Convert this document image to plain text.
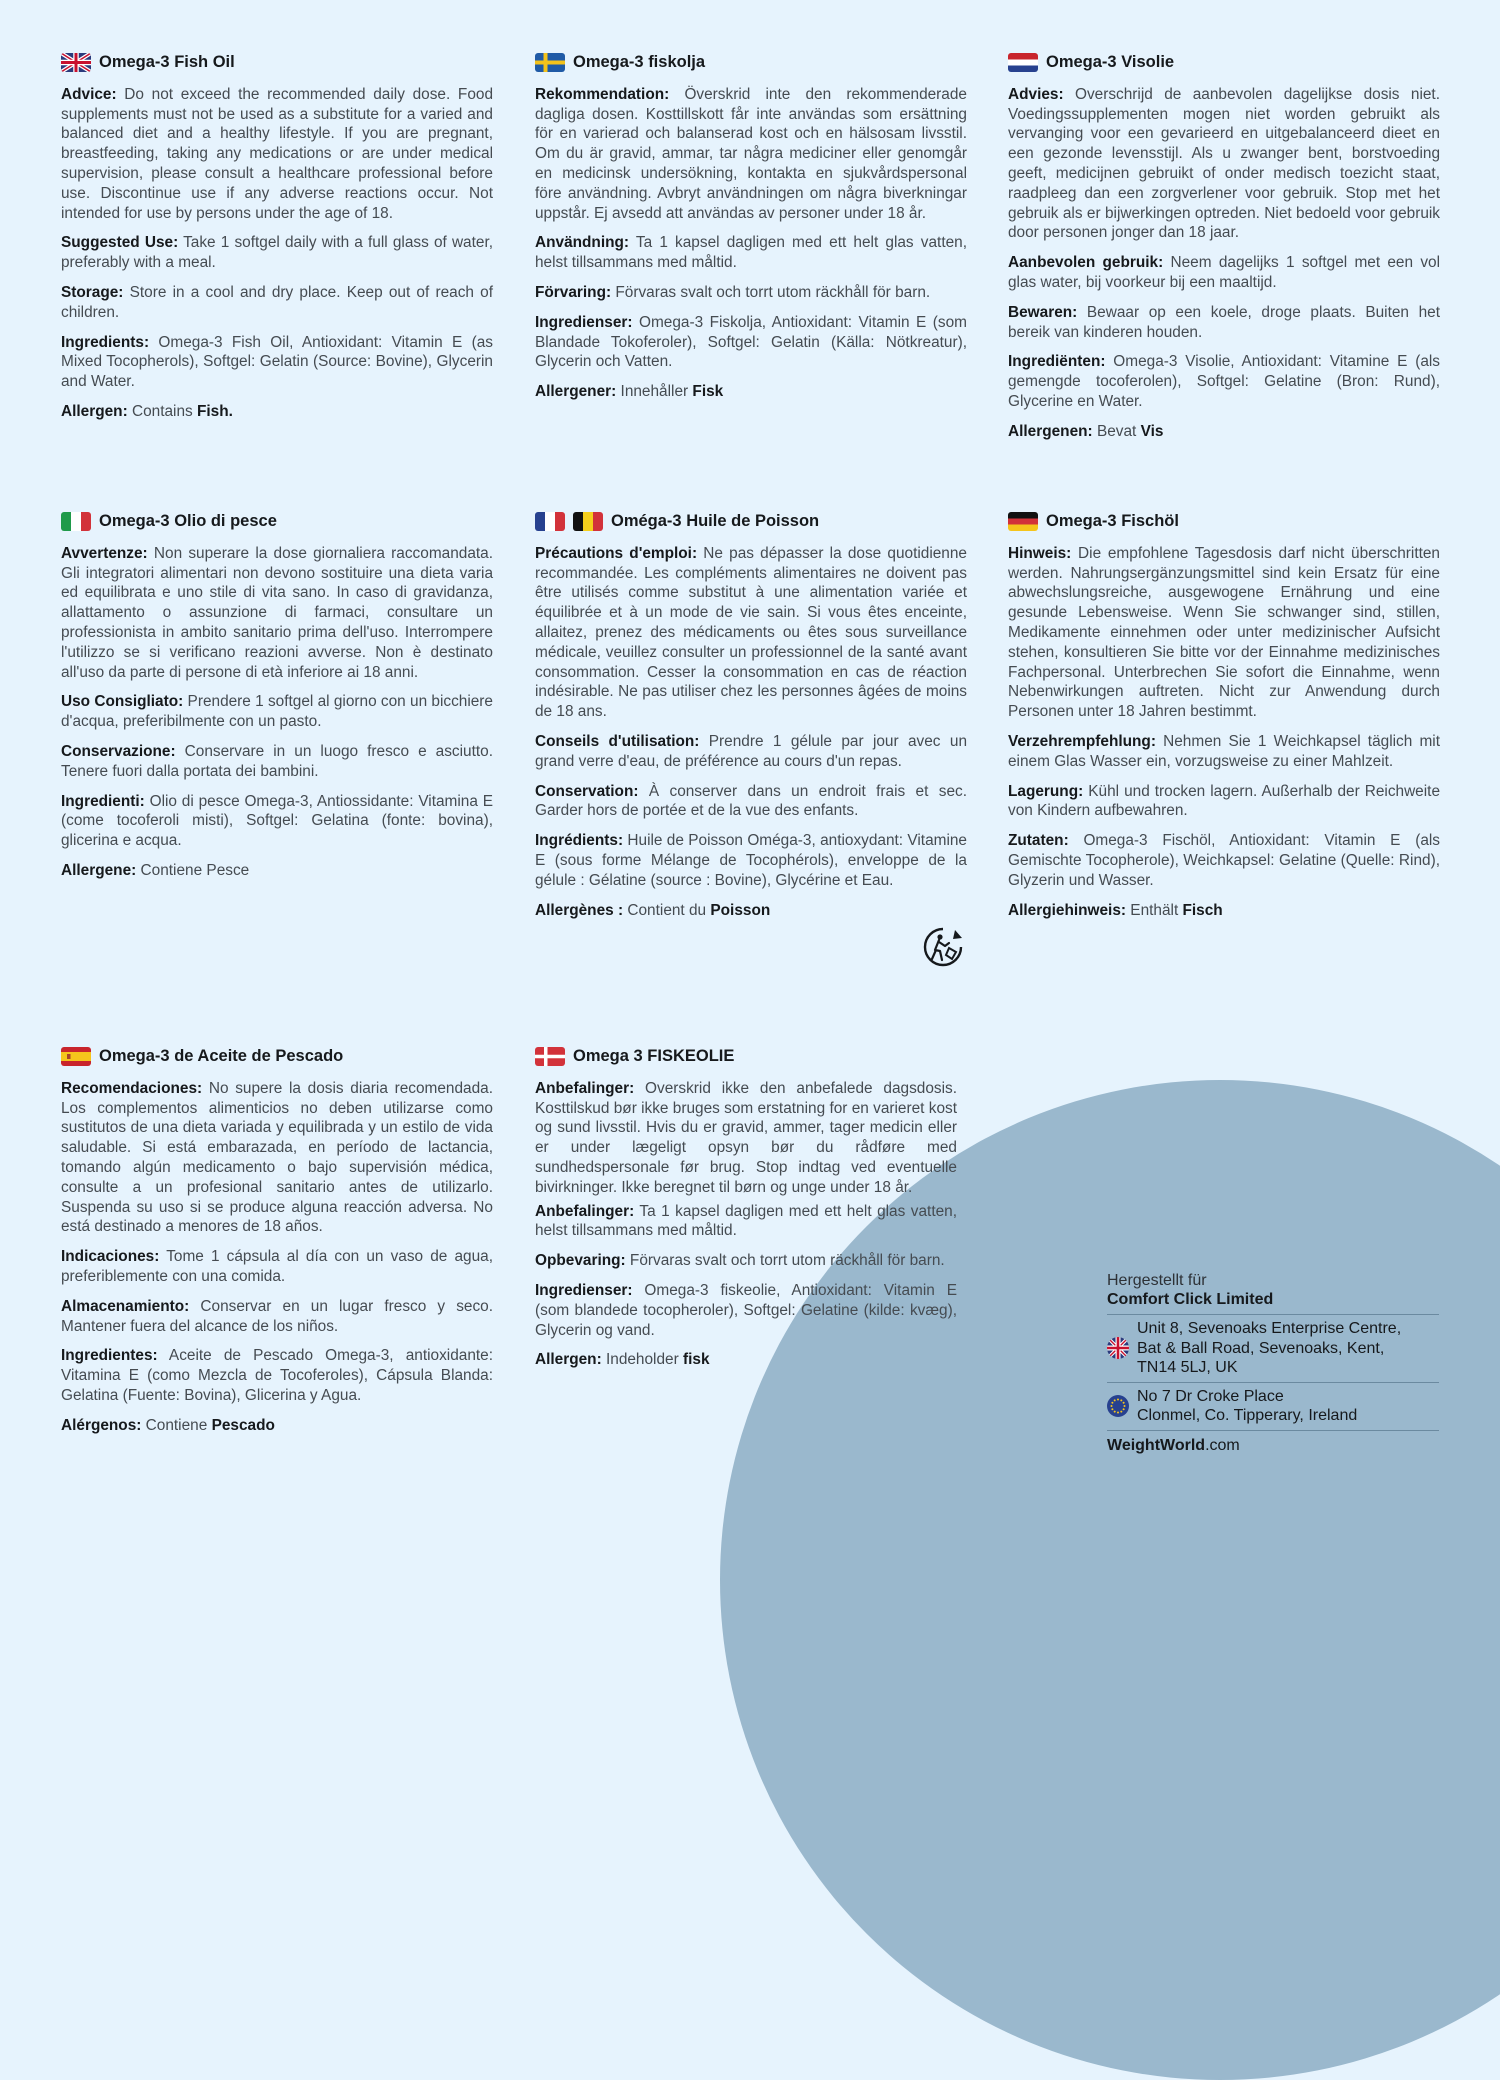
Omega-3 Fish Oil

Advice: Do not exceed the recommended daily dose. Food supplements must not be used as a substitute for a varied and balanced diet and a healthy lifestyle. If you are pregnant, breastfeeding, taking any medications or are under medical supervision, please consult a healthcare professional before use. Discontinue use if any adverse reactions occur. Not intended for use by persons under the age of 18.

Suggested Use: Take 1 softgel daily with a full glass of water, preferably with a meal.

Storage: Store in a cool and dry place. Keep out of reach of children.

Ingredients: Omega-3 Fish Oil, Antioxidant: Vitamin E (as Mixed Tocopherols), Softgel: Gelatin (Source: Bovine), Glycerin and Water.

Allergen: Contains Fish.

Omega-3 fiskolja

Rekommendation: Överskrid inte den rekommenderade dagliga dosen. Kosttillskott får inte användas som ersättning för en varierad och balanserad kost och en hälsosam livsstil. Om du är gravid, ammar, tar några mediciner eller genomgår en medicinsk undersökning, kontakta en sjukvårdspersonal före användning. Avbryt användningen om några biverkningar uppstår. Ej avsedd att användas av personer under 18 år.

Användning: Ta 1 kapsel dagligen med ett helt glas vatten, helst tillsammans med måltid.

Förvaring: Förvaras svalt och torrt utom räckhåll för barn.

Ingredienser: Omega-3 Fiskolja, Antioxidant: Vitamin E (som Blandade Tokoferoler), Softgel: Gelatin (Källa: Nötkreatur), Glycerin och Vatten.

Allergener: Innehåller Fisk

Omega-3 Visolie

Advies: Overschrijd de aanbevolen dagelijkse dosis niet. Voedingssupplementen mogen niet worden gebruikt als vervanging voor een gevarieerd en uitgebalanceerd dieet en een gezonde levensstijl. Als u zwanger bent, borstvoeding geeft, medicijnen gebruikt of onder medisch toezicht staat, raadpleeg dan een zorgverlener voor gebruik. Stop met het gebruik als er bijwerkingen optreden. Niet bedoeld voor gebruik door personen jonger dan 18 jaar.

Aanbevolen gebruik: Neem dagelijks 1 softgel met een vol glas water, bij voorkeur bij een maaltijd.

Bewaren: Bewaar op een koele, droge plaats. Buiten het bereik van kinderen houden.

Ingrediënten: Omega-3 Visolie, Antioxidant: Vitamine E (als gemengde tocoferolen), Softgel: Gelatine (Bron: Rund), Glycerine en Water.

Allergenen: Bevat Vis

Omega-3 Olio di pesce

Avvertenze: Non superare la dose giornaliera raccomandata. Gli integratori alimentari non devono sostituire una dieta varia ed equilibrata e uno stile di vita sano. In caso di gravidanza, allattamento o assunzione di farmaci, consultare un professionista in ambito sanitario prima dell'uso. Interrompere l'utilizzo se si verificano reazioni avverse. Non è destinato all'uso da parte di persone di età inferiore ai 18 anni.

Uso Consigliato: Prendere 1 softgel al giorno con un bicchiere d'acqua, preferibilmente con un pasto.

Conservazione: Conservare in un luogo fresco e asciutto. Tenere fuori dalla portata dei bambini.

Ingredienti: Olio di pesce Omega-3, Antiossidante: Vitamina E (come tocoferoli misti), Softgel: Gelatina (fonte: bovina), glicerina e acqua.

Allergene: Contiene Pesce

Oméga-3 Huile de Poisson

Précautions d'emploi: Ne pas dépasser la dose quotidienne recommandée. Les compléments alimentaires ne doivent pas être utilisés comme substitut à une alimentation variée et équilibrée et à un mode de vie sain. Si vous êtes enceinte, allaitez, prenez des médicaments ou êtes sous surveillance médicale, veuillez consulter un professionnel de la santé avant consommation. Cesser la consommation en cas de réaction indésirable. Ne pas utiliser chez les personnes âgées de moins de 18 ans.

Conseils d'utilisation: Prendre 1 gélule par jour avec un grand verre d'eau, de préférence au cours d'un repas.

Conservation: À conserver dans un endroit frais et sec. Garder hors de portée et de la vue des enfants.

Ingrédients: Huile de Poisson Oméga-3, antioxydant: Vitamine E (sous forme Mélange de Tocophérols), enveloppe de la gélule : Gélatine (source : Bovine), Glycérine et Eau.

Allergènes : Contient du Poisson

Omega-3 Fischöl

Hinweis: Die empfohlene Tagesdosis darf nicht überschritten werden. Nahrungsergänzungsmittel sind kein Ersatz für eine abwechslungsreiche, ausgewogene Ernährung und eine gesunde Lebensweise. Wenn Sie schwanger sind, stillen, Medikamente einnehmen oder unter medizinischer Aufsicht stehen, konsultieren Sie bitte vor der Einnahme medizinisches Fachpersonal. Unterbrechen Sie sofort die Einnahme, wenn Nebenwirkungen auftreten. Nicht zur Anwendung durch Personen unter 18 Jahren bestimmt.

Verzehrempfehlung: Nehmen Sie 1 Weichkapsel täglich mit einem Glas Wasser ein, vorzugsweise zu einer Mahlzeit.

Lagerung: Kühl und trocken lagern. Außerhalb der Reichweite von Kindern aufbewahren.

Zutaten: Omega-3 Fischöl, Antioxidant: Vitamin E (als Gemischte Tocopherole), Weichkapsel: Gelatine (Quelle: Rind), Glyzerin und Wasser.

Allergiehinweis: Enthält Fisch

Omega-3 de Aceite de Pescado

Recomendaciones: No supere la dosis diaria recomendada. Los complementos alimenticios no deben utilizarse como sustitutos de una dieta variada y equilibrada y un estilo de vida saludable. Si está embarazada, en período de lactancia, tomando algún medicamento o bajo supervisión médica, consulte a un profesional sanitario antes de utilizarlo. Suspenda su uso si se produce alguna reacción adversa. No está destinado a menores de 18 años.

Indicaciones: Tome 1 cápsula al día con un vaso de agua, preferiblemente con una comida.

Almacenamiento: Conservar en un lugar fresco y seco. Mantener fuera del alcance de los niños.

Ingredientes: Aceite de Pescado Omega-3, antioxidante: Vitamina E (como Mezcla de Tocoferoles), Cápsula Blanda: Gelatina (Fuente: Bovina), Glicerina y Agua.

Alérgenos: Contiene Pescado

Omega 3 FISKEOLIE

Anbefalinger: Overskrid ikke den anbefalede dagsdosis. Kosttilskud bør ikke bruges som erstatning for en varieret kost og sund livsstil. Hvis du er gravid, ammer, tager medicin eller er under lægeligt opsyn bør du rådføre med sundhedspersonale før brug. Stop indtag ved eventuelle bivirkninger. Ikke beregnet til børn og unge under 18 år.

Anbefalinger: Ta 1 kapsel dagligen med ett helt glas vatten, helst tillsammans med måltid.

Opbevaring: Förvaras svalt och torrt utom räckhåll för barn.

Ingredienser: Omega-3 fiskeolie, Antioxidant: Vitamin E (som blandede tocopheroler), Softgel: Gelatine (kilde: kvæg), Glycerin og vand.

Allergen: Indeholder fisk

Hergestellt für
Comfort Click Limited
Unit 8, Sevenoaks Enterprise Centre,
Bat & Ball Road, Sevenoaks, Kent,
TN14 5LJ, UK
No 7 Dr Croke Place
Clonmel, Co. Tipperary, Ireland
WeightWorld.com
